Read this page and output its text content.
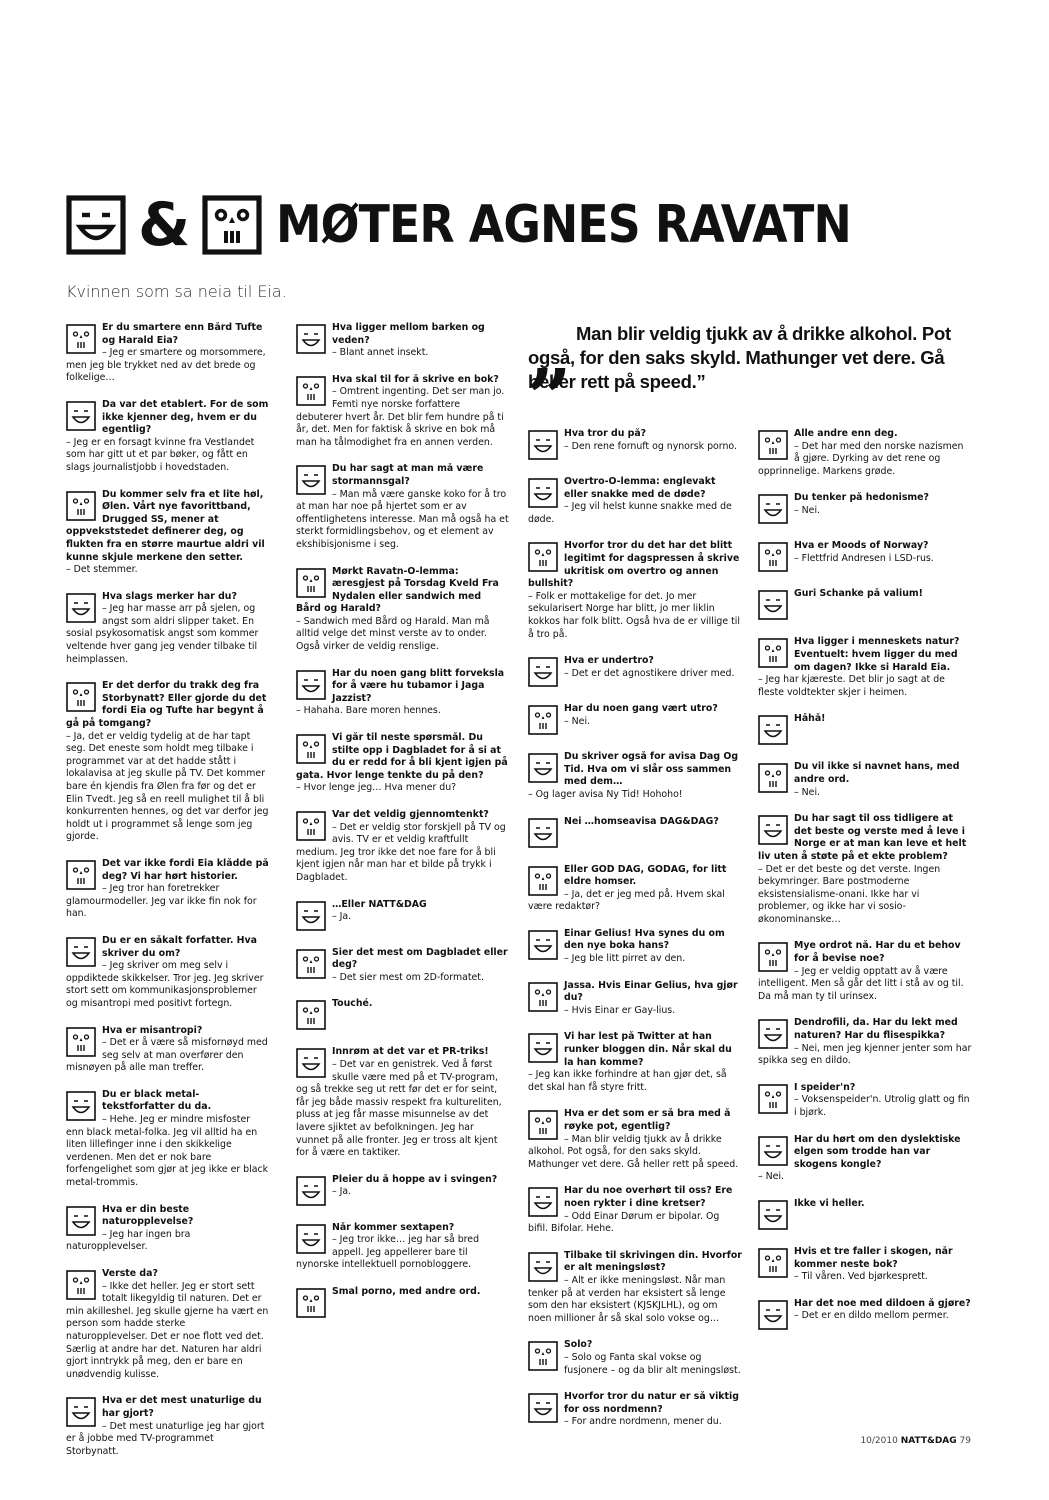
& MØTER AGNES RAVATN
Kvinnen som sa neia til Eia.
„ Man blir veldig tjukk av å drikke alkohol. Pot også, for den saks skyld. Mathunger vet dere. Gå heller rett på speed.”
Er du smartere enn Bård Tufte og Harald Eia?
– Jeg er smartere og morsommere, men jeg ble trykket ned av det brede og folkelige…
Da var det etablert. For de som ikke kjenner deg, hvem er du egentlig?
– Jeg er en forsagt kvinne fra Vestlandet som har gitt ut et par bøker, og fått en slags journalistjobb i hovedstaden.
Du kommer selv fra et lite høl, Ølen. Vårt nye favorittband, Drugged SS, mener at oppvekststedet definerer deg, og flukten fra en større maurtue aldri vil kunne skjule merkene den setter.
– Det stemmer.
Hva slags merker har du?
– Jeg har masse arr på sjelen, og angst som aldri slipper taket. En sosial psykosomatisk angst som kommer veltende hver gang jeg vender tilbake til heimplassen.
Er det derfor du trakk deg fra Storbynatt? Eller gjorde du det fordi Eia og Tufte har begynt å gå på tomgang?
– Ja, det er veldig tydelig at de har tapt seg. Det eneste som holdt meg tilbake i programmet var at det hadde stått i lokalavisa at jeg skulle på TV. Det kommer bare én kjendis fra Ølen fra før og det er Elin Tvedt. Jeg så en reell mulighet til å bli konkurrenten hennes, og det var derfor jeg holdt ut i programmet så lenge som jeg gjorde.
Det var ikke fordi Eia klådde på deg? Vi har hørt historier.
– Jeg tror han foretrekker glamourmodeller. Jeg var ikke fin nok for han.
Du er en såkalt forfatter. Hva skriver du om?
– Jeg skriver om meg selv i oppdiktede skikkelser. Tror jeg. Jeg skriver stort sett om kommunikasjonsproblemer og misantropi med positivt fortegn.
Hva er misantropi?
– Det er å være så misfornøyd med seg selv at man overfører den misnøyen på alle man treffer.
Du er black metal-tekstforfatter du da.
– Hehe. Jeg er mindre misfoster enn black metal-folka. Jeg vil alltid ha en liten lillefinger inne i den skikkelige verdenen. Men det er nok bare forfengelighet som gjør at jeg ikke er black metal-trommis.
Hva er din beste naturopplevelse?
– Jeg har ingen bra naturopplevelser.
Verste da?
– Ikke det heller. Jeg er stort sett totalt likegyldig til naturen. Det er min akilleshel. Jeg skulle gjerne ha vært en person som hadde sterke naturopplevelser. Det er noe flott ved det. Særlig at andre har det. Naturen har aldri gjort inntrykk på meg, den er bare en unødvendig kulisse.
Hva er det mest unaturlige du har gjort?
– Det mest unaturlige jeg har gjort er å jobbe med TV-programmet Storbynatt.
Hva ligger mellom barken og veden?
– Blant annet insekt.
Hva skal til for å skrive en bok?
– Omtrent ingenting. Det ser man jo. Femti nye norske forfattere debuterer hvert år. Det blir fem hundre på ti år, det. Men for faktisk å skrive en bok må man ha tålmodighet fra en annen verden.
Du har sagt at man må være stormannsgal?
– Man må være ganske koko for å tro at man har noe på hjertet som er av offentlighetens interesse. Man må også ha et sterkt formidlingsbehov, og et element av ekshibisjonisme i seg.
Mørkt Ravatn-O-lemma: æresgjest på Torsdag Kveld Fra Nydalen eller sandwich med Bård og Harald?
– Sandwich med Bård og Harald. Man må alltid velge det minst verste av to onder. Også virker de veldig renslige.
Har du noen gang blitt forveksla for å være hu tubamor i Jaga Jazzist?
– Hahaha. Bare moren hennes.
Vi går til neste spørsmål. Du stilte opp i Dagbladet for å si at du er redd for å bli kjent igjen på gata. Hvor lenge tenkte du på den?
– Hvor lenge jeg… Hva mener du?
Var det veldig gjennomtenkt?
– Det er veldig stor forskjell på TV og avis. TV er et veldig kraftfullt medium. Jeg tror ikke det noe fare for å bli kjent igjen når man har et bilde på trykk i Dagbladet.
…Eller NATT&DAG
– Ja.
Sier det mest om Dagbladet eller deg?
– Det sier mest om 2D-formatet.
Touché.
Innrøm at det var et PR-triks!
– Det var en genistrek. Ved å først skulle være med på et TV-program, og så trekke seg ut rett før det er for seint, får jeg både massiv respekt fra kultureliten, pluss at jeg får masse misunnelse av det lavere sjiktet av befolkningen. Jeg har vunnet på alle fronter. Jeg er tross alt kjent for å være en taktiker.
Pleier du å hoppe av i svingen?
– Ja.
Når kommer sextapen?
– Jeg tror ikke… jeg har så bred appell. Jeg appellerer bare til nynorske intellektuell pornobloggere.
Smal porno, med andre ord.
Hva tror du på?
– Den rene fornuft og nynorsk porno.
Overtro-O-lemma: englevakt eller snakke med de døde?
– Jeg vil helst kunne snakke med de døde.
Hvorfor tror du det har det blitt legitimt for dagspressen å skrive ukritisk om overtro og annen bullshit?
– Folk er mottakelige for det. Jo mer sekularisert Norge har blitt, jo mer liklin kokkos har folk blitt. Også hva de er villige til å tro på.
Hva er undertro?
– Det er det agnostikere driver med.
Har du noen gang vært utro?
– Nei.
Du skriver også for avisa Dag Og Tid. Hva om vi slår oss sammen med dem…
– Og lager avisa Ny Tid! Hohoho!
Nei …homseavisa DAG&DAG?
Eller GOD DAG, GODAG, for litt eldre homser.
– Ja, det er jeg med på. Hvem skal være redaktør?
Einar Gelius! Hva synes du om den nye boka hans?
– Jeg ble litt pirret av den.
Jassa. Hvis Einar Gelius, hva gjør du?
– Hvis Einar er Gay-lius.
Vi har lest på Twitter at han runker bloggen din. Når skal du la han komme?
– Jeg kan ikke forhindre at han gjør det, så det skal han få styre fritt.
Hva er det som er så bra med å røyke pot, egentlig?
– Man blir veldig tjukk av å drikke alkohol. Pot også, for den saks skyld. Mathunger vet dere. Gå heller rett på speed.
Har du noe overhørt til oss? Ere noen rykter i dine kretser?
– Odd Einar Dørum er bipolar. Og bifil. Bifolar. Hehe.
Tilbake til skrivingen din. Hvorfor er alt meningsløst?
– Alt er ikke meningsløst. Når man tenker på at verden har eksistert så lenge som den har eksistert (KJSKJLHL), og om noen millioner år så skal solo vokse og…
Solo?
– Solo og Fanta skal vokse og fusjonere – og da blir alt meningsløst.
Hvorfor tror du natur er så viktig for oss nordmenn?
– For andre nordmenn, mener du.
Alle andre enn deg.
– Det har med den norske nazismen å gjøre. Dyrking av det rene og opprinnelige. Markens grøde.
Du tenker på hedonisme?
– Nei.
Hva er Moods of Norway?
– Flettfrid Andresen i LSD-rus.
Guri Schanke på valium!
Hva ligger i menneskets natur? Eventuelt: hvem ligger du med om dagen? Ikke si Harald Eia.
– Jeg har kjæreste. Det blir jo sagt at de fleste voldtekter skjer i heimen.
Håhå!
Du vil ikke si navnet hans, med andre ord.
– Nei.
Du har sagt til oss tidligere at det beste og verste med å leve i Norge er at man kan leve et helt liv uten å støte på et ekte problem?
– Det er det beste og det verste. Ingen bekymringer. Bare postmoderne eksistensialisme-onani. Ikke har vi problemer, og ikke har vi sosio-økonominanske…
Mye ordrot nå. Har du et behov for å bevise noe?
– Jeg er veldig opptatt av å være intelligent. Men så går det litt i stå av og til. Da må man ty til urinsex.
Dendrofili, da. Har du lekt med naturen? Har du flisespikka?
– Nei, men jeg kjenner jenter som har spikka seg en dildo.
I speider'n?
– Voksenspeider'n. Utrolig glatt og fin i bjørk.
Har du hørt om den dyslektiske elgen som trodde han var skogens kongle?
– Nei.
Ikke vi heller.
Hvis et tre faller i skogen, når kommer neste bok?
– Til våren. Ved bjørkesprett.
Har det noe med dildoen å gjøre?
– Det er en dildo mellom permer.
10/2010 NATT&DAG 79
